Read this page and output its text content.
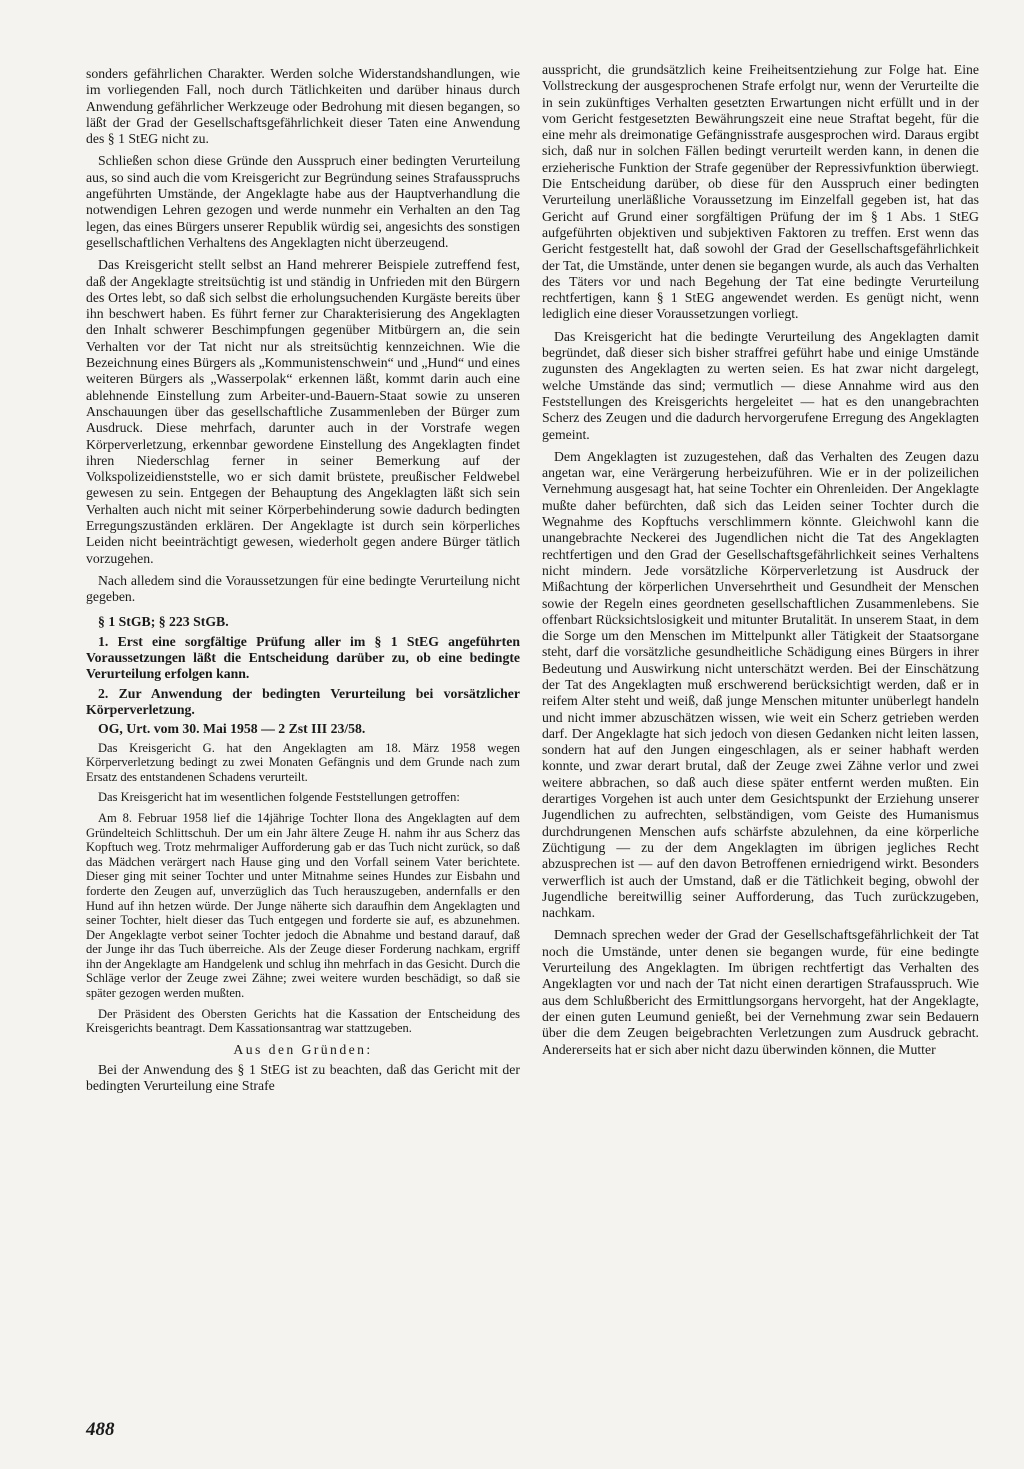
sonders gefährlichen Charakter. Werden solche Widerstandshandlungen, wie im vorliegenden Fall, noch durch Tätlichkeiten und darüber hinaus durch Anwendung gefährlicher Werkzeuge oder Bedrohung mit diesen begangen, so läßt der Grad der Gesellschaftsgefährlichkeit dieser Taten eine Anwendung des § 1 StEG nicht zu.

Schließen schon diese Gründe den Ausspruch einer bedingten Verurteilung aus, so sind auch die vom Kreisgericht zur Begründung seines Strafausspruchs angeführten Umstände, der Angeklagte habe aus der Hauptverhandlung die notwendigen Lehren gezogen und werde nunmehr ein Verhalten an den Tag legen, das eines Bürgers unserer Republik würdig sei, angesichts des sonstigen gesellschaftlichen Verhaltens des Angeklagten nicht überzeugend.

Das Kreisgericht stellt selbst an Hand mehrerer Beispiele zutreffend fest, daß der Angeklagte streitsüchtig ist und ständig in Unfrieden mit den Bürgern des Ortes lebt, so daß sich selbst die erholungsuchenden Kurgäste bereits über ihn beschwert haben. Es führt ferner zur Charakterisierung des Angeklagten den Inhalt schwerer Beschimpfungen gegenüber Mitbürgern an, die sein Verhalten vor der Tat nicht nur als streitsüchtig kennzeichnen. Wie die Bezeichnung eines Bürgers als „Kommunistenschwein“ und „Hund“ und eines weiteren Bürgers als „Wasserpolak“ erkennen läßt, kommt darin auch eine ablehnende Einstellung zum Arbeiter-und-Bauern-Staat sowie zu unseren Anschauungen über das gesellschaftliche Zusammenleben der Bürger zum Ausdruck. Diese mehrfach, darunter auch in der Vorstrafe wegen Körperverletzung, erkennbar gewordene Einstellung des Angeklagten findet ihren Niederschlag ferner in seiner Bemerkung auf der Volkspolizeidienststelle, wo er sich damit brüstete, preußischer Feldwebel gewesen zu sein. Entgegen der Behauptung des Angeklagten läßt sich sein Verhalten auch nicht mit seiner Körperbehinderung sowie dadurch bedingten Erregungszuständen erklären. Der Angeklagte ist durch sein körperliches Leiden nicht beeinträchtigt gewesen, wiederholt gegen andere Bürger tätlich vorzugehen.

Nach alledem sind die Voraussetzungen für eine bedingte Verurteilung nicht gegeben.

§ 1 StGB; § 223 StGB.

1. Erst eine sorgfältige Prüfung aller im § 1 StEG angeführten Voraussetzungen läßt die Entscheidung darüber zu, ob eine bedingte Verurteilung erfolgen kann.

2. Zur Anwendung der bedingten Verurteilung bei vorsätzlicher Körperverletzung.

OG, Urt. vom 30. Mai 1958 — 2 Zst III 23/58.

Das Kreisgericht G. hat den Angeklagten am 18. März 1958 wegen Körperverletzung bedingt zu zwei Monaten Gefängnis und dem Grunde nach zum Ersatz des entstandenen Schadens verurteilt.

Das Kreisgericht hat im wesentlichen folgende Feststellungen getroffen:

Am 8. Februar 1958 lief die 14jährige Tochter Ilona des Angeklagten auf dem Gründelteich Schlittschuh. Der um ein Jahr ältere Zeuge H. nahm ihr aus Scherz das Kopftuch weg. Trotz mehrmaliger Aufforderung gab er das Tuch nicht zurück, so daß das Mädchen verärgert nach Hause ging und den Vorfall seinem Vater berichtete. Dieser ging mit seiner Tochter und unter Mitnahme seines Hundes zur Eisbahn und forderte den Zeugen auf, unverzüglich das Tuch herauszugeben, andernfalls er den Hund auf ihn hetzen würde. Der Junge näherte sich daraufhin dem Angeklagten und seiner Tochter, hielt dieser das Tuch entgegen und forderte sie auf, es abzunehmen. Der Angeklagte verbot seiner Tochter jedoch die Abnahme und bestand darauf, daß der Junge ihr das Tuch überreiche. Als der Zeuge dieser Forderung nachkam, ergriff ihn der Angeklagte am Handgelenk und schlug ihn mehrfach in das Gesicht. Durch die Schläge verlor der Zeuge zwei Zähne; zwei weitere wurden beschädigt, so daß sie später gezogen werden mußten.

Der Präsident des Obersten Gerichts hat die Kassation der Entscheidung des Kreisgerichts beantragt. Dem Kassationsantrag war stattzugeben.

Aus den Gründen:

Bei der Anwendung des § 1 StEG ist zu beachten, daß das Gericht mit der bedingten Verurteilung eine Strafe

ausspricht, die grundsätzlich keine Freiheitsentziehung zur Folge hat. Eine Vollstreckung der ausgesprochenen Strafe erfolgt nur, wenn der Verurteilte die in sein zukünftiges Verhalten gesetzten Erwartungen nicht erfüllt und in der vom Gericht festgesetzten Bewährungszeit eine neue Straftat begeht, für die eine mehr als dreimonatige Gefängnisstrafe ausgesprochen wird. Daraus ergibt sich, daß nur in solchen Fällen bedingt verurteilt werden kann, in denen die erzieherische Funktion der Strafe gegenüber der Repressivfunktion überwiegt. Die Entscheidung darüber, ob diese für den Ausspruch einer bedingten Verurteilung unerläßliche Voraussetzung im Einzelfall gegeben ist, hat das Gericht auf Grund einer sorgfältigen Prüfung der im § 1 Abs. 1 StEG aufgeführten objektiven und subjektiven Faktoren zu treffen. Erst wenn das Gericht festgestellt hat, daß sowohl der Grad der Gesellschaftsgefährlichkeit der Tat, die Umstände, unter denen sie begangen wurde, als auch das Verhalten des Täters vor und nach Begehung der Tat eine bedingte Verurteilung rechtfertigen, kann § 1 StEG angewendet werden. Es genügt nicht, wenn lediglich eine dieser Voraussetzungen vorliegt.

Das Kreisgericht hat die bedingte Verurteilung des Angeklagten damit begründet, daß dieser sich bisher straffrei geführt habe und einige Umstände zugunsten des Angeklagten zu werten seien. Es hat zwar nicht dargelegt, welche Umstände das sind; vermutlich — diese Annahme wird aus den Feststellungen des Kreisgerichts hergeleitet — hat es den unangebrachten Scherz des Zeugen und die dadurch hervorgerufene Erregung des Angeklagten gemeint.

Dem Angeklagten ist zuzugestehen, daß das Verhalten des Zeugen dazu angetan war, eine Verärgerung herbeizuführen. Wie er in der polizeilichen Vernehmung ausgesagt hat, hat seine Tochter ein Ohrenleiden. Der Angeklagte mußte daher befürchten, daß sich das Leiden seiner Tochter durch die Wegnahme des Kopftuchs verschlimmern könnte. Gleichwohl kann die unangebrachte Neckerei des Jugendlichen nicht die Tat des Angeklagten rechtfertigen und den Grad der Gesellschaftsgefährlichkeit seines Verhaltens nicht mindern. Jede vorsätzliche Körperverletzung ist Ausdruck der Mißachtung der körperlichen Unversehrtheit und Gesundheit der Menschen sowie der Regeln eines geordneten gesellschaftlichen Zusammenlebens. Sie offenbart Rücksichtslosigkeit und mitunter Brutalität. In unserem Staat, in dem die Sorge um den Menschen im Mittelpunkt aller Tätigkeit der Staatsorgane steht, darf die vorsätzliche gesundheitliche Schädigung eines Bürgers in ihrer Bedeutung und Auswirkung nicht unterschätzt werden. Bei der Einschätzung der Tat des Angeklagten muß erschwerend berücksichtigt werden, daß er in reifem Alter steht und weiß, daß junge Menschen mitunter unüberlegt handeln und nicht immer abzuschätzen wissen, wie weit ein Scherz getrieben werden darf. Der Angeklagte hat sich jedoch von diesen Gedanken nicht leiten lassen, sondern hat auf den Jungen eingeschlagen, als er seiner habhaft werden konnte, und zwar derart brutal, daß der Zeuge zwei Zähne verlor und zwei weitere abbrachen, so daß auch diese später entfernt werden mußten. Ein derartiges Vorgehen ist auch unter dem Gesichtspunkt der Erziehung unserer Jugendlichen zu aufrechten, selbständigen, vom Geiste des Humanismus durchdrungenen Menschen aufs schärfste abzulehnen, da eine körperliche Züchtigung — zu der dem Angeklagten im übrigen jegliches Recht abzusprechen ist — auf den davon Betroffenen erniedrigend wirkt. Besonders verwerflich ist auch der Umstand, daß er die Tätlichkeit beging, obwohl der Jugendliche bereitwillig seiner Aufforderung, das Tuch zurückzugeben, nachkam.

Demnach sprechen weder der Grad der Gesellschaftsgefährlichkeit der Tat noch die Umstände, unter denen sie begangen wurde, für eine bedingte Verurteilung des Angeklagten. Im übrigen rechtfertigt das Verhalten des Angeklagten vor und nach der Tat nicht einen derartigen Strafausspruch. Wie aus dem Schlußbericht des Ermittlungsorgans hervorgeht, hat der Angeklagte, der einen guten Leumund genießt, bei der Vernehmung zwar sein Bedauern über die dem Zeugen beigebrachten Verletzungen zum Ausdruck gebracht. Andererseits hat er sich aber nicht dazu überwinden können, die Mutter

488
